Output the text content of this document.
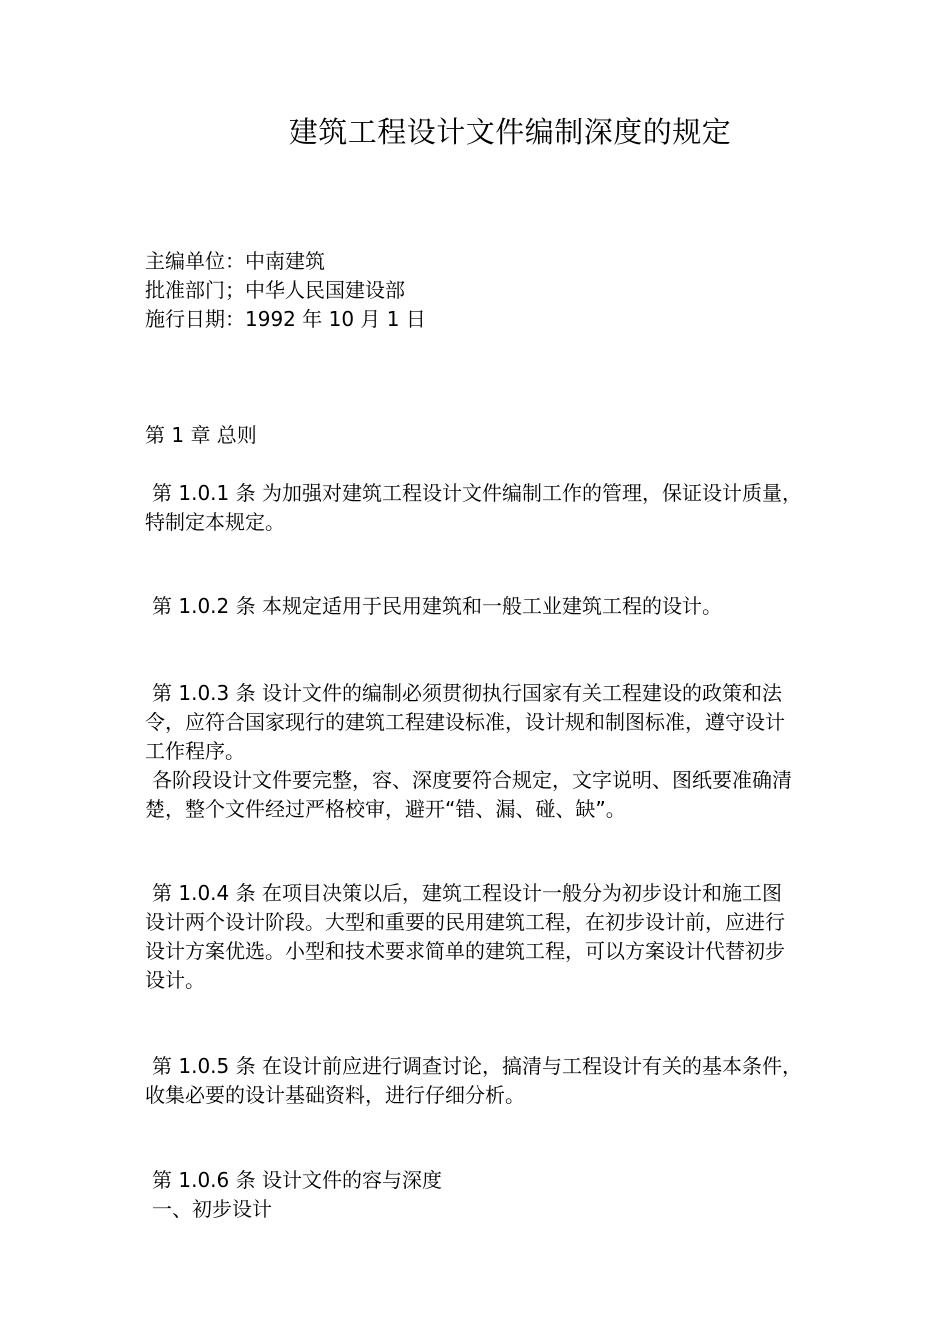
建筑工程设计文件编制深度的规定
主编单位：中南建筑
批准部门；中华人民国建设部
施行日期：1992 年 10 月 1 日
第 1 章 总则
第 1.0.1 条 为加强对建筑工程设计文件编制工作的管理，保证设计质量，
特制定本规定。
第 1.0.2 条 本规定适用于民用建筑和一般工业建筑工程的设计。
第 1.0.3 条 设计文件的编制必须贯彻执行国家有关工程建设的政策和法
令，应符合国家现行的建筑工程建设标准，设计规和制图标准，遵守设计
工作程序。
各阶段设计文件要完整，容、深度要符合规定，文字说明、图纸要准确清
楚，整个文件经过严格校审，避开“错、漏、碰、缺”。
第 1.0.4 条 在项目决策以后，建筑工程设计一般分为初步设计和施工图
设计两个设计阶段。大型和重要的民用建筑工程，在初步设计前，应进行
设计方案优选。小型和技术要求简单的建筑工程，可以方案设计代替初步
设计。
第 1.0.5 条 在设计前应进行调查讨论，搞清与工程设计有关的基本条件，
收集必要的设计基础资料，进行仔细分析。
第 1.0.6 条 设计文件的容与深度
一、初步设计
